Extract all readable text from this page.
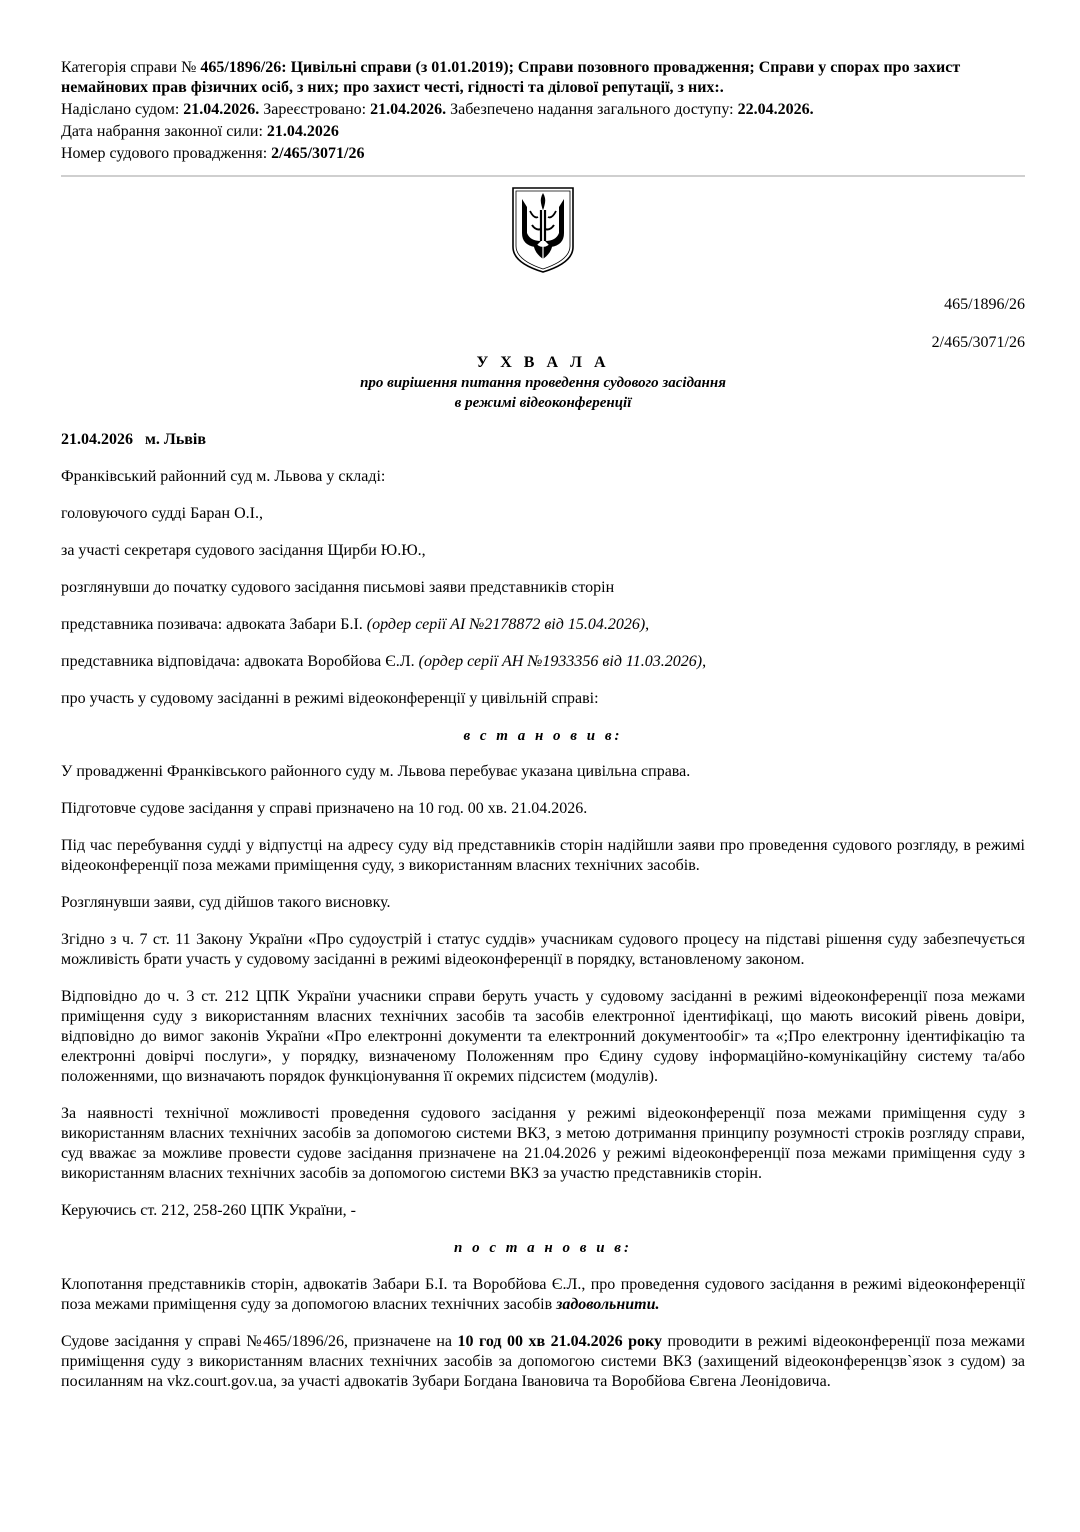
Категорія справи № 465/1896/26: Цивільні справи (з 01.01.2019); Справи позовного провадження; Справи у спорах про захист немайнових прав фізичних осіб, з них; про захист честі, гідності та ділової репутації, з них:.

Надіслано судом: 21.04.2026. Зареєстровано: 21.04.2026. Забезпечено надання загального доступу: 22.04.2026.

Дата набрання законної сили: 21.04.2026

Номер судового провадження: 2/465/3071/26

465/1896/26

2/465/3071/26

У Х В А Л А

про вирішення питання проведення судового засідання

в режимі відеоконференції

21.04.2026   м. Львів

Франківський районний суд м. Львова у складі:

головуючого судді Баран О.І.,

за участі секретаря судового засідання Щирби Ю.Ю.,

розглянувши до початку судового засідання письмові заяви представників сторін

представника позивача: адвоката Забари Б.І. (ордер серії АІ №2178872 від 15.04.2026),

представника відповідача: адвоката Воробйова Є.Л. (ордер серії АН №1933356 від 11.03.2026),

про участь у судовому засіданні в режимі відеоконференції у цивільній справі:

в с т а н о в и в:

У провадженні Франківського районного суду м. Львова перебуває указана цивільна справа.

Підготовче судове засідання у справі призначено на 10 год. 00 хв. 21.04.2026.

Під час перебування судді у відпустці на адресу суду від представників сторін надійшли заяви про проведення судового розгляду, в режимі відеоконференції поза межами приміщення суду, з використанням власних технічних засобів.

Розглянувши заяви, суд дійшов такого висновку.

Згідно з ч. 7 ст. 11 Закону України «Про судоустрій і статус суддів» учасникам судового процесу на підставі рішення суду забезпечується можливість брати участь у судовому засіданні в режимі відеоконференції в порядку, встановленому законом.

Відповідно до ч. 3 ст. 212 ЦПК України учасники справи беруть участь у судовому засіданні в режимі відеоконференції поза межами приміщення суду з використанням власних технічних засобів та засобів електронної ідентифікаці, що мають високий рівень довіри, відповідно до вимог законів України «Про електронні документи та електронний документообіг» та «;Про електронну ідентифікацію та електронні довірчі послуги», у порядку, визначеному Положенням про Єдину судову інформаційно-комунікаційну систему та/або положеннями, що визначають порядок функціонування її окремих підсистем (модулів).

За наявності технічної можливості проведення судового засідання у режимі відеоконференції поза межами приміщення суду з використанням власних технічних засобів за допомогою системи ВКЗ, з метою дотримання принципу розумності строків розгляду справи, суд вважає за можливе провести судове засідання призначене на 21.04.2026 у режимі відеоконференції поза межами приміщення суду з використанням власних технічних засобів за допомогою системи ВКЗ за участю представників сторін.

Керуючись ст. 212, 258-260 ЦПК України, -

п о с т а н о в и в:

Клопотання представників сторін, адвокатів Забари Б.І. та Воробйова Є.Л., про проведення судового засідання в режимі відеоконференції поза межами приміщення суду за допомогою власних технічних засобів задовольнити.

Судове засідання у справі №465/1896/26, призначене на 10 год 00 хв 21.04.2026 року проводити в режимі відеоконференції поза межами приміщення суду з використанням власних технічних засобів за допомогою системи ВКЗ (захищений відеоконференцзв`язок з судом) за посиланням на vkz.court.gov.ua, за участі адвокатів Зубари Богдана Івановича та Воробйова Євгена Леонідовича.
